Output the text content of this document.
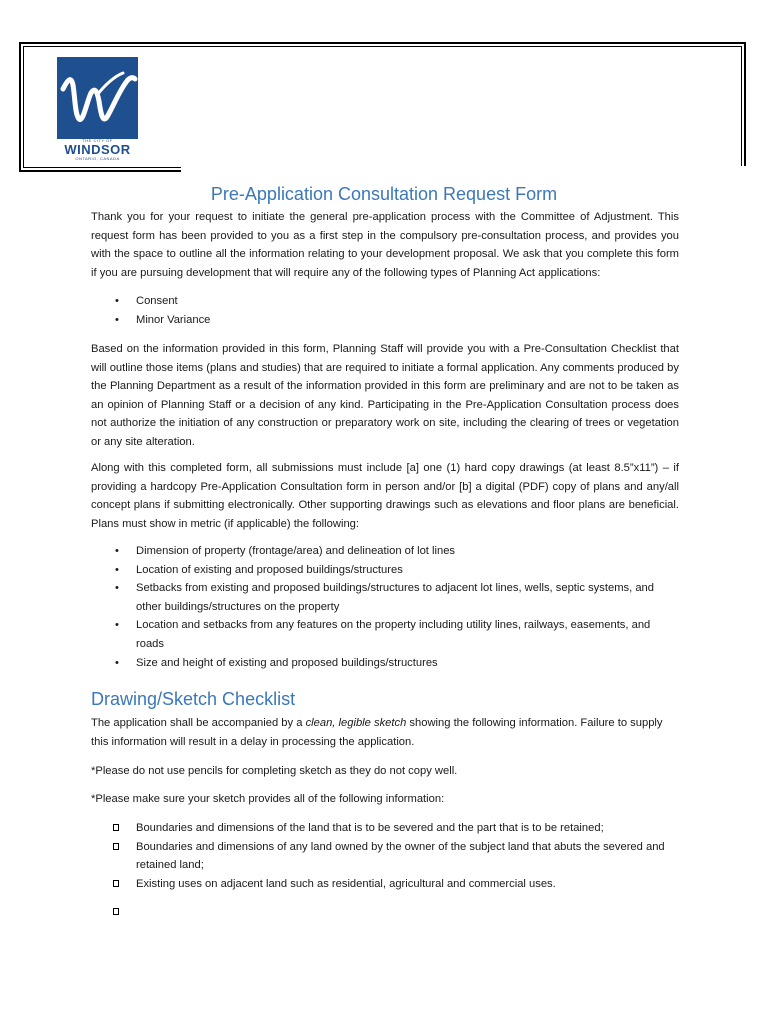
THE CITY OF
WINDSOR
ONTARIO, CANADA
Pre-Application Consultation Request Form

Thank you for your request to initiate the general pre-application process with the Committee of Adjustment. This request form has been provided to you as a first step in the compulsory pre-consultation process, and provides you with the space to outline all the information relating to your development proposal. We ask that you complete this form if you are pursuing development that will require any of the following types of Planning Act applications:

• Consent
• Minor Variance

Based on the information provided in this form, Planning Staff will provide you with a Pre-Consultation Checklist that will outline those items (plans and studies) that are required to initiate a formal application. Any comments produced by the Planning Department as a result of the information provided in this form are preliminary and are not to be taken as an opinion of Planning Staff or a decision of any kind. Participating in the Pre-Application Consultation process does not authorize the initiation of any construction or preparatory work on site, including the clearing of trees or vegetation or any site alteration.

Along with this completed form, all submissions must include [a] one (1) hard copy drawings (at least 8.5”x11”) – if providing a hardcopy Pre-Application Consultation form in person and/or [b] a digital (PDF) copy of plans and any/all concept plans if submitting electronically. Other supporting drawings such as elevations and floor plans are beneficial. Plans must show in metric (if applicable) the following:

• Dimension of property (frontage/area) and delineation of lot lines
• Location of existing and proposed buildings/structures
• Setbacks from existing and proposed buildings/structures to adjacent lot lines, wells, septic systems, and other buildings/structures on the property
• Location and setbacks from any features on the property including utility lines, railways, easements, and roads
• Size and height of existing and proposed buildings/structures
Drawing/Sketch Checklist

The application shall be accompanied by a clean, legible sketch showing the following information. Failure to supply this information will result in a delay in processing the application.

*Please do not use pencils for completing sketch as they do not copy well.

*Please make sure your sketch provides all of the following information:

Boundaries and dimensions of the land that is to be severed and the part that is to be retained;
Boundaries and dimensions of any land owned by the owner of the subject land that abuts the severed and retained land;
Existing uses on adjacent land such as residential, agricultural and commercial uses.
